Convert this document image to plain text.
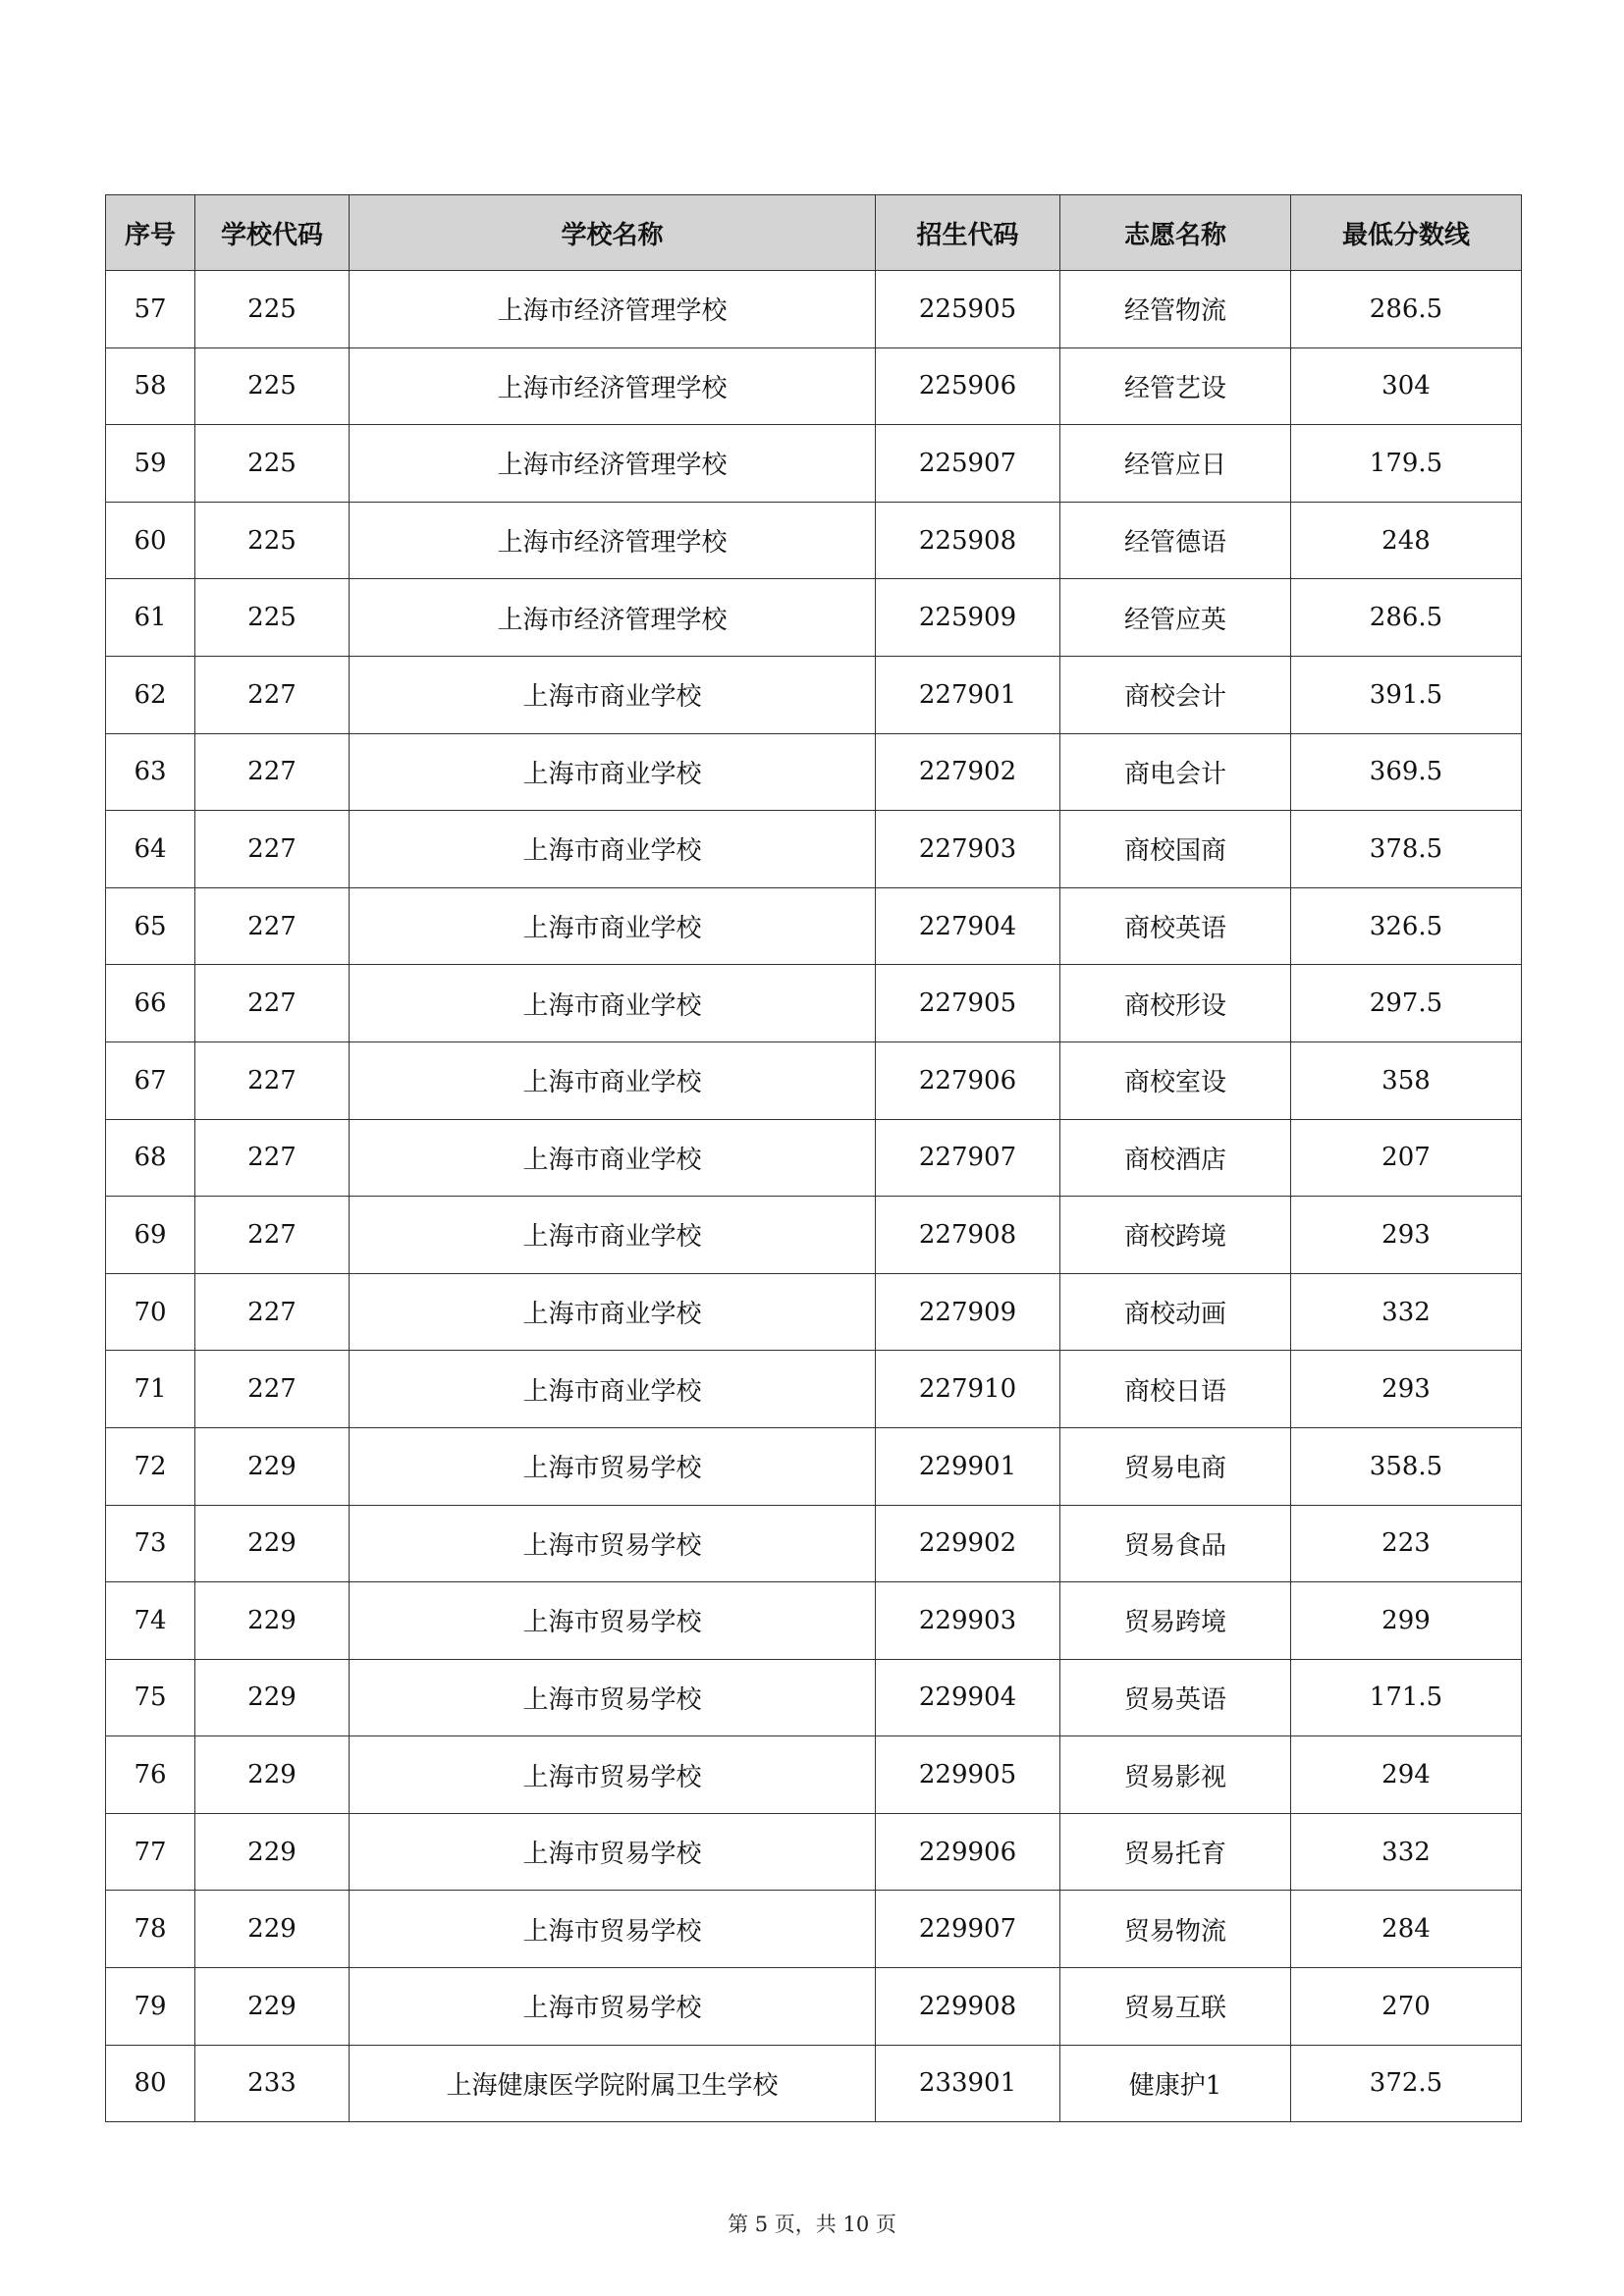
序号	学校代码	学校名称	招生代码	志愿名称	最低分数线
57	225	上海市经济管理学校	225905	经管物流	286.5
58	225	上海市经济管理学校	225906	经管艺设	304
59	225	上海市经济管理学校	225907	经管应日	179.5
60	225	上海市经济管理学校	225908	经管德语	248
61	225	上海市经济管理学校	225909	经管应英	286.5
62	227	上海市商业学校	227901	商校会计	391.5
63	227	上海市商业学校	227902	商电会计	369.5
64	227	上海市商业学校	227903	商校国商	378.5
65	227	上海市商业学校	227904	商校英语	326.5
66	227	上海市商业学校	227905	商校形设	297.5
67	227	上海市商业学校	227906	商校室设	358
68	227	上海市商业学校	227907	商校酒店	207
69	227	上海市商业学校	227908	商校跨境	293
70	227	上海市商业学校	227909	商校动画	332
71	227	上海市商业学校	227910	商校日语	293
72	229	上海市贸易学校	229901	贸易电商	358.5
73	229	上海市贸易学校	229902	贸易食品	223
74	229	上海市贸易学校	229903	贸易跨境	299
75	229	上海市贸易学校	229904	贸易英语	171.5
76	229	上海市贸易学校	229905	贸易影视	294
77	229	上海市贸易学校	229906	贸易托育	332
78	229	上海市贸易学校	229907	贸易物流	284
79	229	上海市贸易学校	229908	贸易互联	270
80	233	上海健康医学院附属卫生学校	233901	健康护1	372.5
第 5 页，共 10 页
